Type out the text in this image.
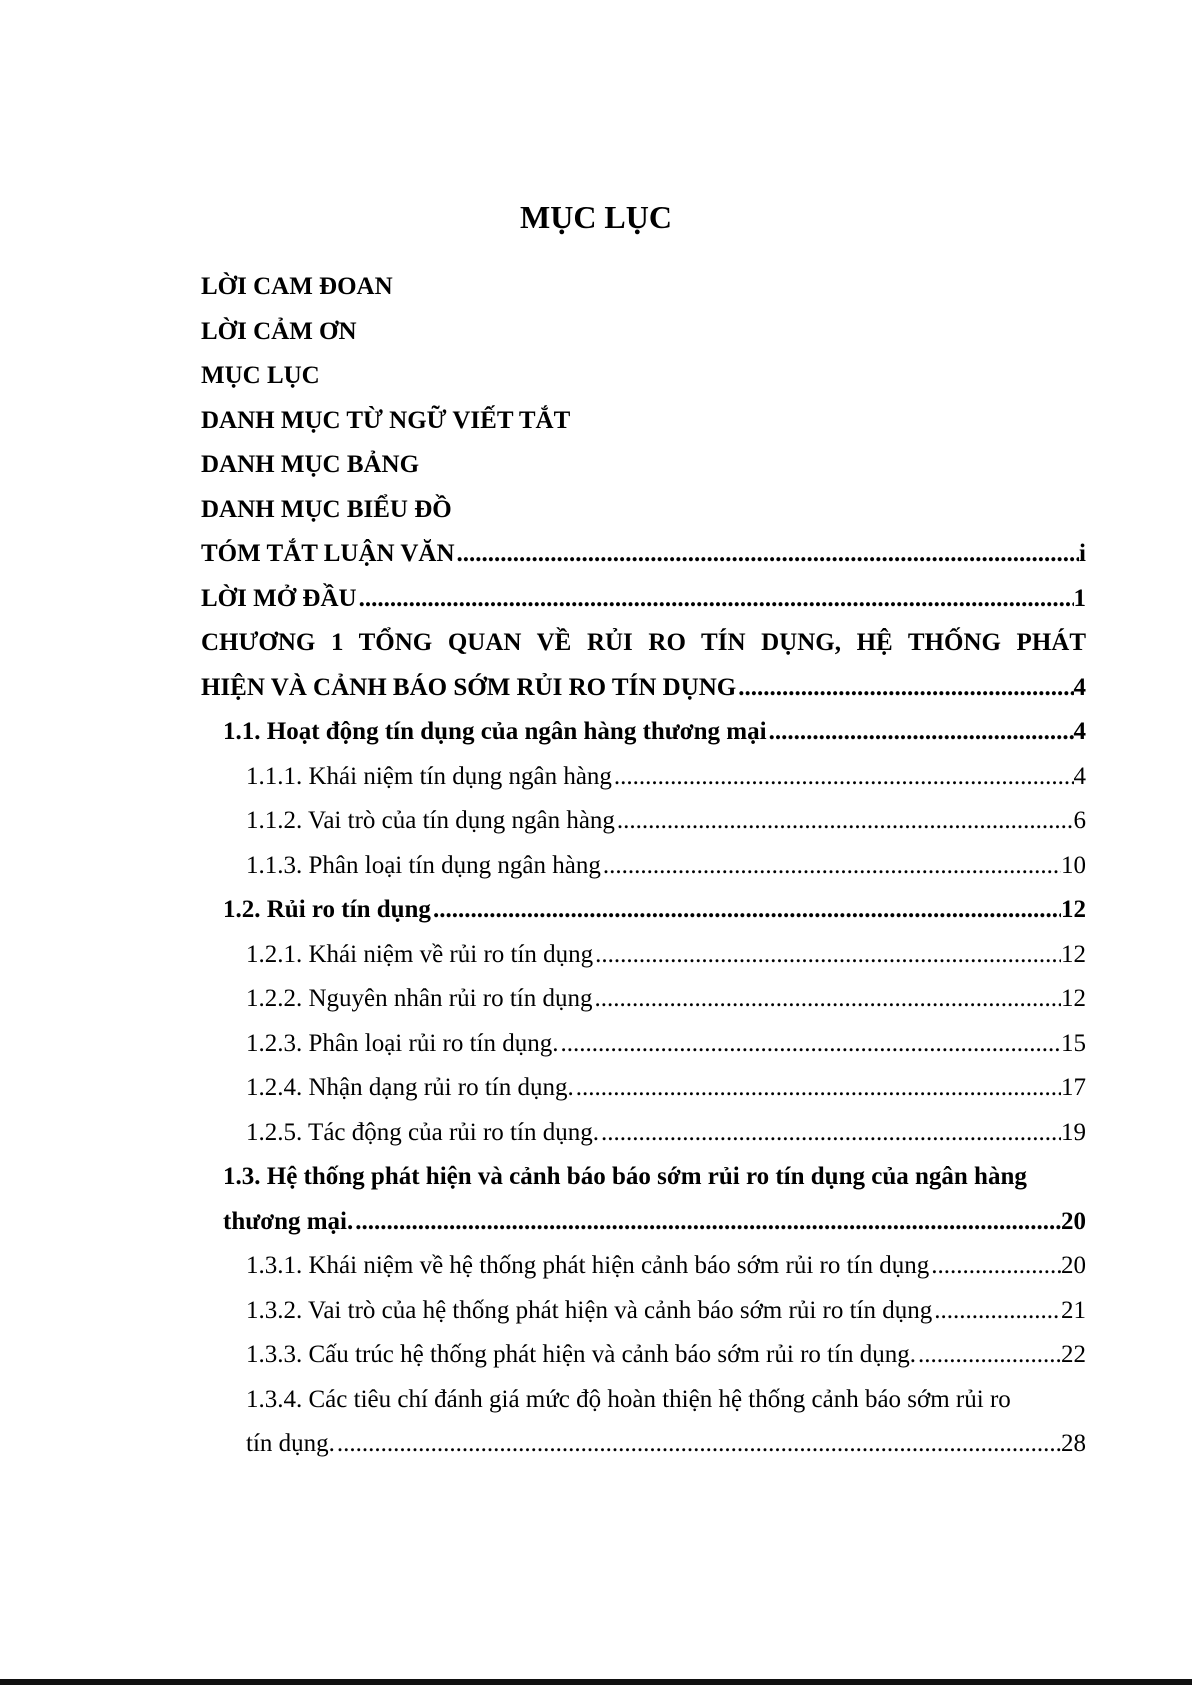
MỤC LỤC
LỜI CAM ĐOAN
LỜI CẢM ƠN
MỤC LỤC
DANH MỤC TỪ NGỮ VIẾT TẮT
DANH MỤC BẢNG
DANH MỤC BIỂU ĐỒ
TÓM TẮT LUẬN VĂN .....	i
LỜI MỞ ĐẦU .....	1
CHƯƠNG 1 TỔNG QUAN VỀ RỦI RO TÍN DỤNG, HỆ THỐNG PHÁT
HIỆN VÀ CẢNH BÁO SỚM RỦI RO TÍN DỤNG .....	4
1.1. Hoạt động tín dụng của ngân hàng thương mại .....	4
1.1.1. Khái niệm tín dụng ngân hàng .....	4
1.1.2. Vai trò của tín dụng ngân hàng .....	6
1.1.3. Phân loại tín dụng ngân hàng .....	10
1.2. Rủi ro tín dụng .....	12
1.2.1. Khái niệm về rủi ro tín dụng .....	12
1.2.2. Nguyên nhân rủi ro tín dụng .....	12
1.2.3. Phân loại rủi ro tín dụng. .....	15
1.2.4. Nhận dạng rủi ro tín dụng. .....	17
1.2.5. Tác động của rủi ro tín dụng. .....	19
1.3. Hệ thống phát hiện và cảnh báo báo sớm rủi ro tín dụng của ngân hàng
thương mại. .....	20
1.3.1. Khái niệm về hệ thống phát hiện cảnh báo sớm rủi ro tín dụng .....	20
1.3.2. Vai trò của hệ thống phát hiện và cảnh báo sớm rủi ro tín dụng .....	21
1.3.3. Cấu trúc hệ thống phát hiện và cảnh báo sớm rủi ro tín dụng. .....	22
1.3.4. Các tiêu chí đánh giá mức độ hoàn thiện hệ thống cảnh báo sớm rủi ro
tín dụng. .....	28
